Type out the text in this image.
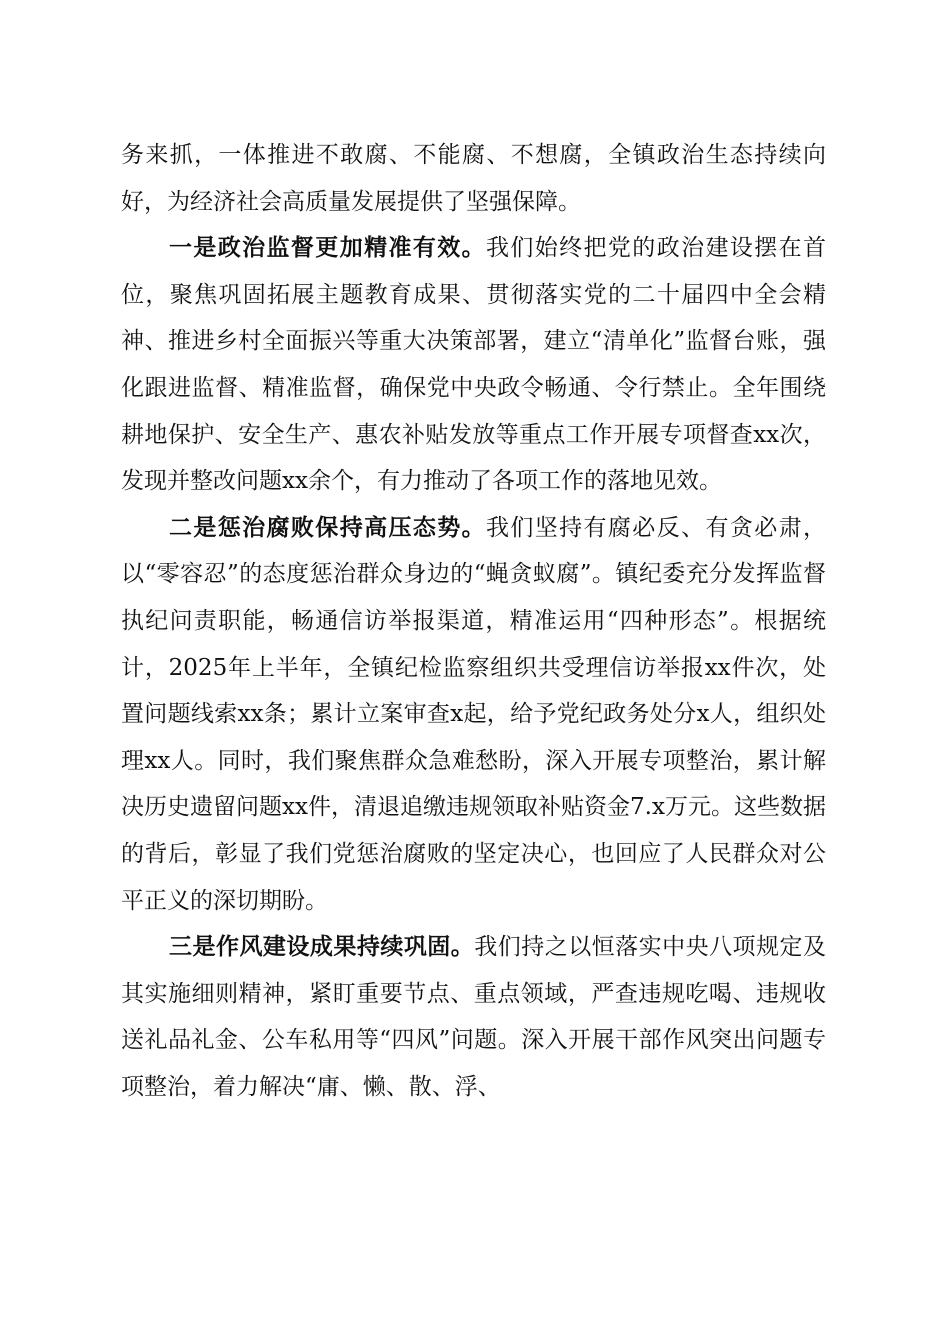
务来抓，一体推进不敢腐、不能腐、不想腐，全镇政治生态持续向好，为经济社会高质量发展提供了坚强保障。

一是政治监督更加精准有效。我们始终把党的政治建设摆在首位，聚焦巩固拓展主题教育成果、贯彻落实党的二十届四中全会精神、推进乡村全面振兴等重大决策部署，建立“清单化”监督台账，强化跟进监督、精准监督，确保党中央政令畅通、令行禁止。全年围绕耕地保护、安全生产、惠农补贴发放等重点工作开展专项督查xx次，发现并整改问题xx余个，有力推动了各项工作的落地见效。

二是惩治腐败保持高压态势。我们坚持有腐必反、有贪必肃，以“零容忍”的态度惩治群众身边的“蝇贪蚁腐”。镇纪委充分发挥监督执纪问责职能，畅通信访举报渠道，精准运用“四种形态”。根据统计，2025年上半年，全镇纪检监察组织共受理信访举报xx件次，处置问题线索xx条；累计立案审查x起，给予党纪政务处分x人，组织处理xx人。同时，我们聚焦群众急难愁盼，深入开展专项整治，累计解决历史遗留问题xx件，清退追缴违规领取补贴资金7.x万元。这些数据的背后，彰显了我们党惩治腐败的坚定决心，也回应了人民群众对公平正义的深切期盼。

三是作风建设成果持续巩固。我们持之以恒落实中央八项规定及其实施细则精神，紧盯重要节点、重点领域，严查违规吃喝、违规收送礼品礼金、公车私用等“四风”问题。深入开展干部作风突出问题专项整治，着力解决“庸、懒、散、浮、
